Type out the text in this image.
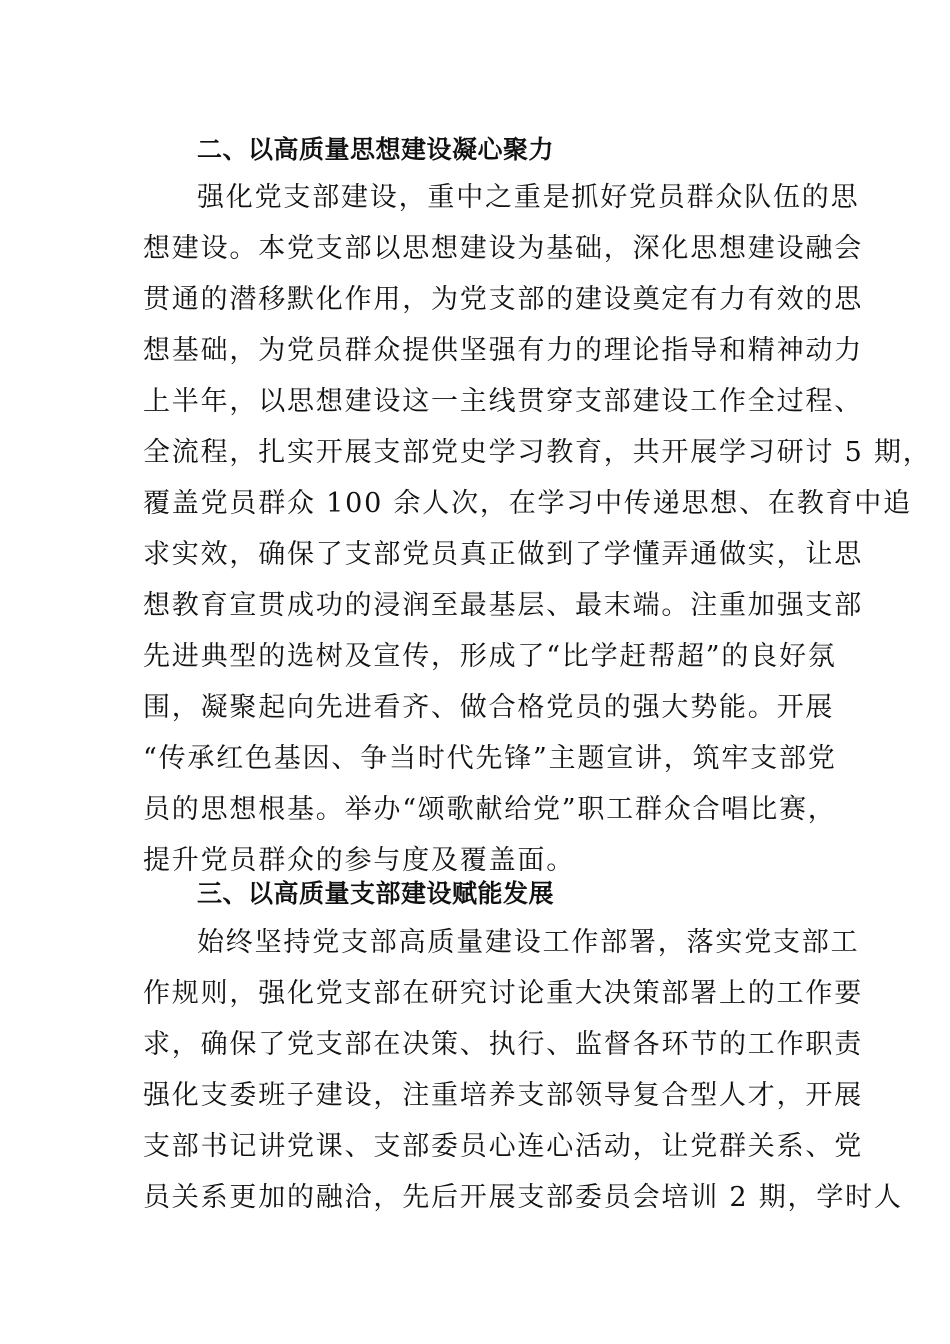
二、以高质量思想建设凝心聚力
强化党支部建设，重中之重是抓好党员群众队伍的思
想建设。本党支部以思想建设为基础，深化思想建设融会
贯通的潜移默化作用，为党支部的建设奠定有力有效的思
想基础，为党员群众提供坚强有力的理论指导和精神动力
上半年，以思想建设这一主线贯穿支部建设工作全过程、
全流程，扎实开展支部党史学习教育，共开展学习研讨 5 期，
覆盖党员群众 100 余人次，在学习中传递思想、在教育中追
求实效，确保了支部党员真正做到了学懂弄通做实，让思
想教育宣贯成功的浸润至最基层、最末端。注重加强支部
先进典型的选树及宣传，形成了“比学赶帮超”的良好氛
围，凝聚起向先进看齐、做合格党员的强大势能。开展
“传承红色基因、争当时代先锋”主题宣讲，筑牢支部党
员的思想根基。举办“颂歌献给党”职工群众合唱比赛，
提升党员群众的参与度及覆盖面。
三、以高质量支部建设赋能发展
始终坚持党支部高质量建设工作部署，落实党支部工
作规则，强化党支部在研究讨论重大决策部署上的工作要
求，确保了党支部在决策、执行、监督各环节的工作职责
强化支委班子建设，注重培养支部领导复合型人才，开展
支部书记讲党课、支部委员心连心活动，让党群关系、党
员关系更加的融洽，先后开展支部委员会培训 2 期，学时人
